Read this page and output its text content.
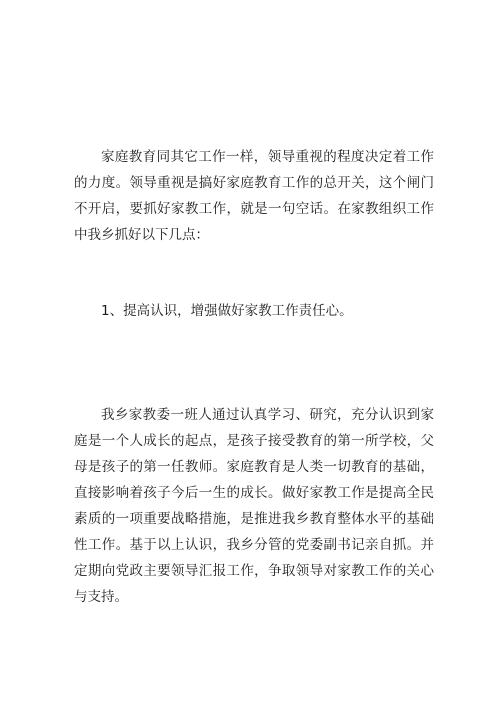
家庭教育同其它工作一样，领导重视的程度决定着工作的力度。领导重视是搞好家庭教育工作的总开关，这个闸门不开启，要抓好家教工作，就是一句空话。在家教组织工作中我乡抓好以下几点：

1、提高认识，增强做好家教工作责任心。

我乡家教委一班人通过认真学习、研究，充分认识到家庭是一个人成长的起点，是孩子接受教育的第一所学校，父母是孩子的第一任教师。家庭教育是人类一切教育的基础，直接影响着孩子今后一生的成长。做好家教工作是提高全民素质的一项重要战略措施，是推进我乡教育整体水平的基础性工作。基于以上认识，我乡分管的党委副书记亲自抓。并定期向党政主要领导汇报工作，争取领导对家教工作的关心与支持。
